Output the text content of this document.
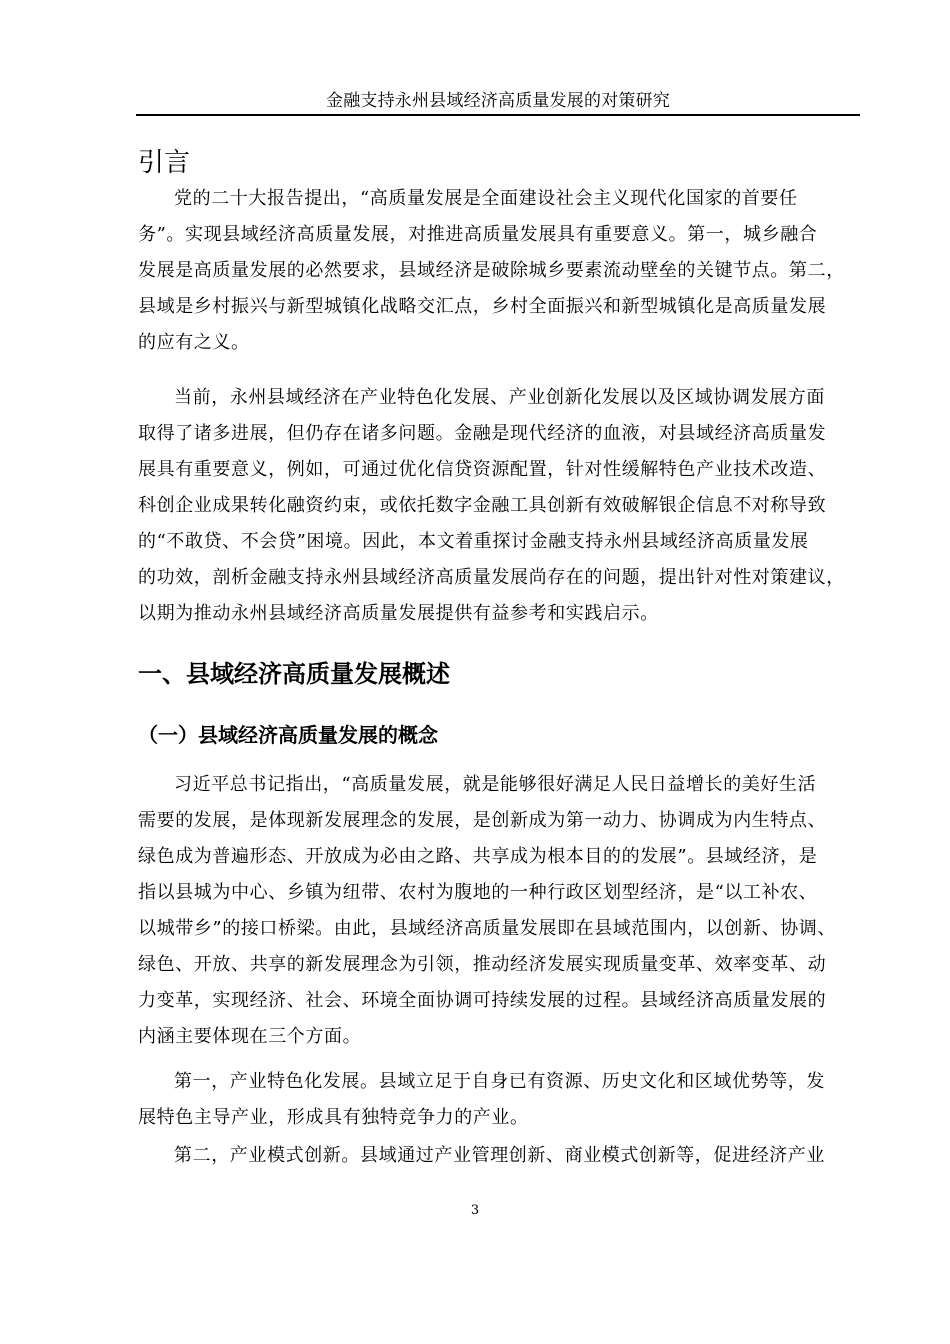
金融支持永州县域经济高质量发展的对策研究
引言
党的二十大报告提出，“高质量发展是全面建设社会主义现代化国家的首要任
务”。实现县域经济高质量发展，对推进高质量发展具有重要意义。第一，城乡融合
发展是高质量发展的必然要求，县域经济是破除城乡要素流动壁垒的关键节点。第二，
县域是乡村振兴与新型城镇化战略交汇点，乡村全面振兴和新型城镇化是高质量发展
的应有之义。
当前，永州县域经济在产业特色化发展、产业创新化发展以及区域协调发展方面
取得了诸多进展，但仍存在诸多问题。金融是现代经济的血液，对县域经济高质量发
展具有重要意义，例如，可通过优化信贷资源配置，针对性缓解特色产业技术改造、
科创企业成果转化融资约束，或依托数字金融工具创新有效破解银企信息不对称导致
的“不敢贷、不会贷”困境。因此，本文着重探讨金融支持永州县域经济高质量发展
的功效，剖析金融支持永州县域经济高质量发展尚存在的问题，提出针对性对策建议，
以期为推动永州县域经济高质量发展提供有益参考和实践启示。
一、县域经济高质量发展概述
（一）县域经济高质量发展的概念
习近平总书记指出，“高质量发展，就是能够很好满足人民日益增长的美好生活
需要的发展，是体现新发展理念的发展，是创新成为第一动力、协调成为内生特点、
绿色成为普遍形态、开放成为必由之路、共享成为根本目的的发展”。县域经济，是
指以县城为中心、乡镇为纽带、农村为腹地的一种行政区划型经济，是“以工补农、
以城带乡”的接口桥梁。由此，县域经济高质量发展即在县域范围内，以创新、协调、
绿色、开放、共享的新发展理念为引领，推动经济发展实现质量变革、效率变革、动
力变革，实现经济、社会、环境全面协调可持续发展的过程。县域经济高质量发展的
内涵主要体现在三个方面。
第一，产业特色化发展。县域立足于自身已有资源、历史文化和区域优势等，发
展特色主导产业，形成具有独特竞争力的产业。
第二，产业模式创新。县域通过产业管理创新、商业模式创新等，促进经济产业
3
